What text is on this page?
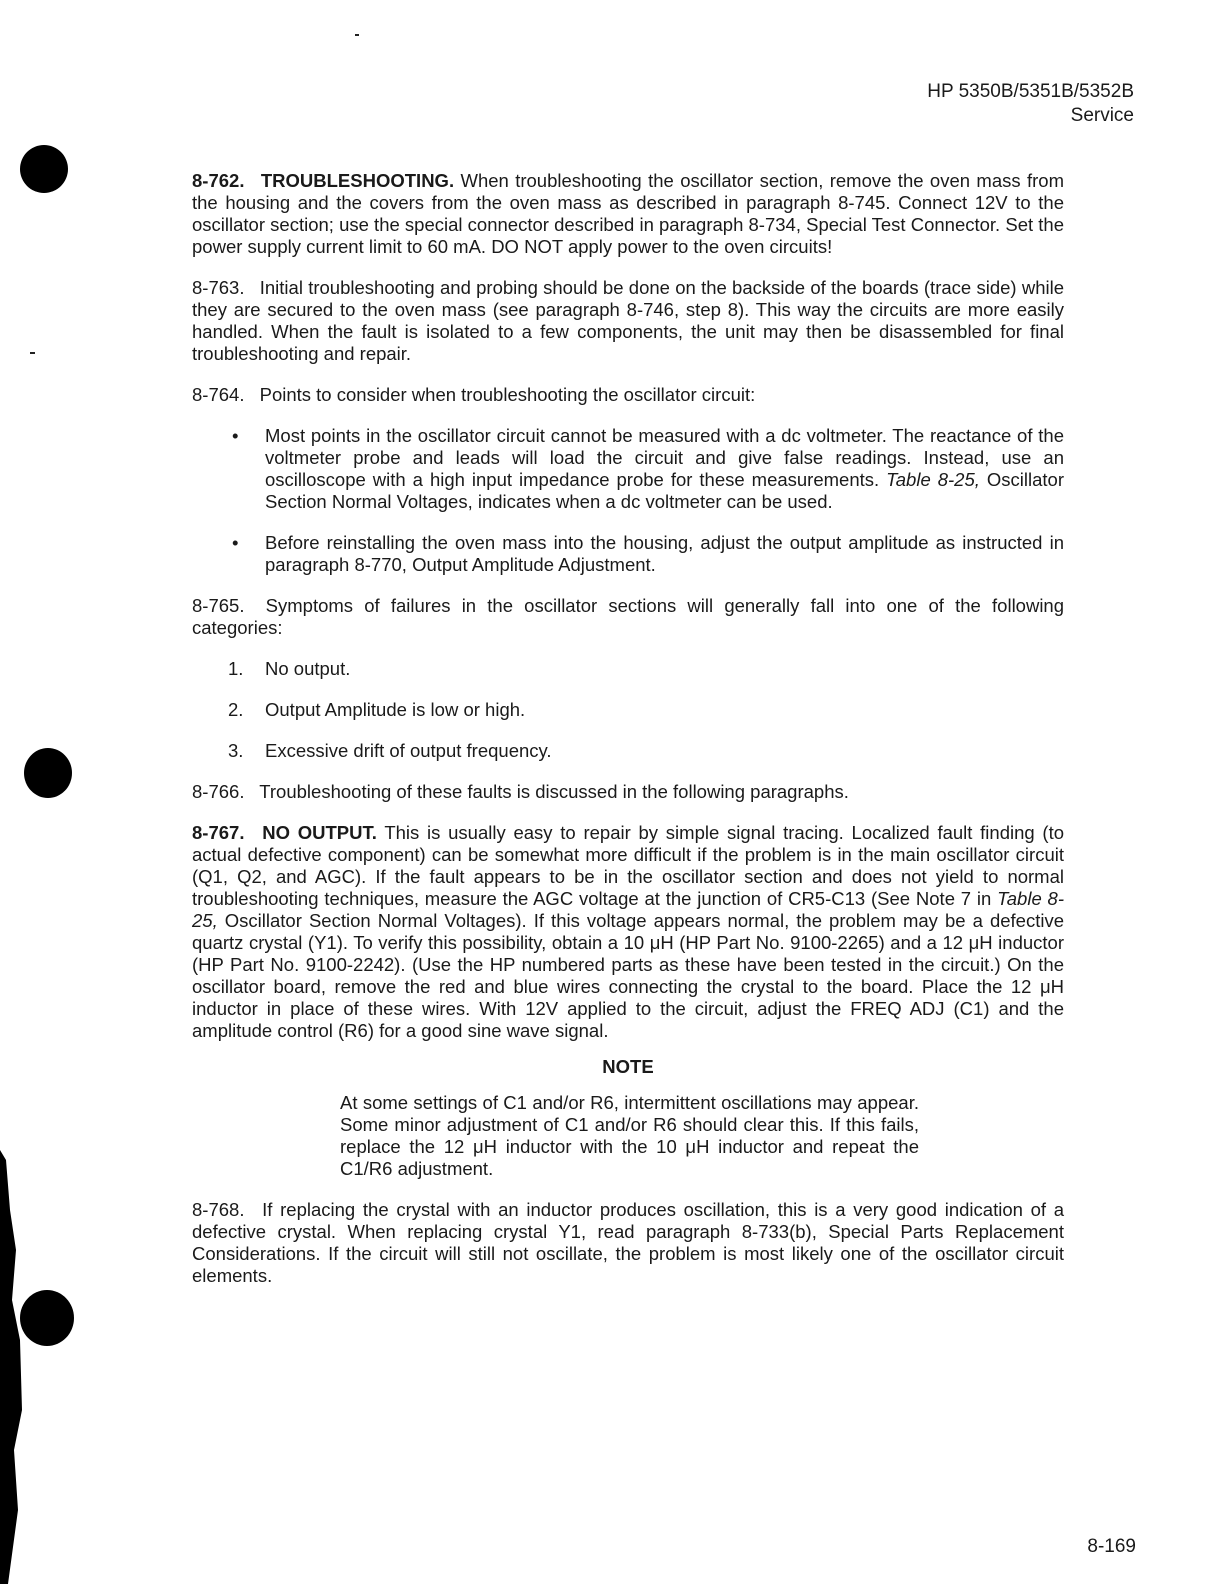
HP 5350B/5351B/5352B
Service

8-762. TROUBLESHOOTING. When troubleshooting the oscillator section, remove the oven mass from the housing and the covers from the oven mass as described in paragraph 8-745. Connect 12V to the oscillator section; use the special connector described in paragraph 8-734, Special Test Connector. Set the power supply current limit to 60 mA. DO NOT apply power to the oven circuits!

8-763. Initial troubleshooting and probing should be done on the backside of the boards (trace side) while they are secured to the oven mass (see paragraph 8-746, step 8). This way the circuits are more easily handled. When the fault is isolated to a few components, the unit may then be disassembled for final troubleshooting and repair.

8-764. Points to consider when troubleshooting the oscillator circuit:

• Most points in the oscillator circuit cannot be measured with a dc voltmeter. The reactance of the voltmeter probe and leads will load the circuit and give false readings. Instead, use an oscilloscope with a high input impedance probe for these measurements. Table 8-25, Oscillator Section Normal Voltages, indicates when a dc voltmeter can be used.
• Before reinstalling the oven mass into the housing, adjust the output amplitude as instructed in paragraph 8-770, Output Amplitude Adjustment.

8-765. Symptoms of failures in the oscillator sections will generally fall into one of the following categories:

1. No output.
2. Output Amplitude is low or high.
3. Excessive drift of output frequency.

8-766. Troubleshooting of these faults is discussed in the following paragraphs.

8-767. NO OUTPUT. This is usually easy to repair by simple signal tracing. Localized fault finding (to actual defective component) can be somewhat more difficult if the problem is in the main oscillator circuit (Q1, Q2, and AGC). If the fault appears to be in the oscillator section and does not yield to normal troubleshooting techniques, measure the AGC voltage at the junction of CR5-C13 (See Note 7 in Table 8-25, Oscillator Section Normal Voltages). If this voltage appears normal, the problem may be a defective quartz crystal (Y1). To verify this possibility, obtain a 10 μH (HP Part No. 9100-2265) and a 12 μH inductor (HP Part No. 9100-2242). (Use the HP numbered parts as these have been tested in the circuit.) On the oscillator board, remove the red and blue wires connecting the crystal to the board. Place the 12 μH inductor in place of these wires. With 12V applied to the circuit, adjust the FREQ ADJ (C1) and the amplitude control (R6) for a good sine wave signal.

NOTE

At some settings of C1 and/or R6, intermittent oscillations may appear. Some minor adjustment of C1 and/or R6 should clear this. If this fails, replace the 12 μH inductor with the 10 μH inductor and repeat the C1/R6 adjustment.

8-768. If replacing the crystal with an inductor produces oscillation, this is a very good indication of a defective crystal. When replacing crystal Y1, read paragraph 8-733(b), Special Parts Replacement Considerations. If the circuit will still not oscillate, the problem is most likely one of the oscillator circuit elements.

8-169
